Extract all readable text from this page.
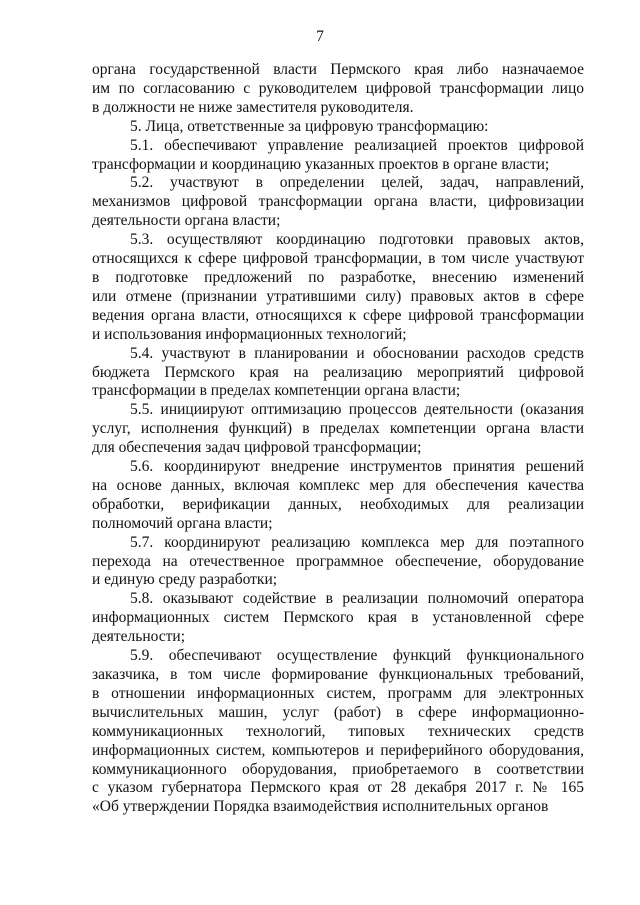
7
органа государственной власти Пермского края либо назначаемое
им по согласованию с руководителем цифровой трансформации лицо
в должности не ниже заместителя руководителя.
5. Лица, ответственные за цифровую трансформацию:
5.1. обеспечивают управление реализацией проектов цифровой
трансформации и координацию указанных проектов в органе власти;
5.2. участвуют в определении целей, задач, направлений,
механизмов цифровой трансформации органа власти, цифровизации
деятельности органа власти;
5.3. осуществляют координацию подготовки правовых актов,
относящихся к сфере цифровой трансформации, в том числе участвуют
в подготовке предложений по разработке, внесению изменений
или отмене (признании утратившими силу) правовых актов в сфере
ведения органа власти, относящихся к сфере цифровой трансформации
и использования информационных технологий;
5.4. участвуют в планировании и обосновании расходов средств
бюджета Пермского края на реализацию мероприятий цифровой
трансформации в пределах компетенции органа власти;
5.5. инициируют оптимизацию процессов деятельности (оказания
услуг, исполнения функций) в пределах компетенции органа власти
для обеспечения задач цифровой трансформации;
5.6. координируют внедрение инструментов принятия решений
на основе данных, включая комплекс мер для обеспечения качества
обработки, верификации данных, необходимых для реализации
полномочий органа власти;
5.7. координируют реализацию комплекса мер для поэтапного
перехода на отечественное программное обеспечение, оборудование
и единую среду разработки;
5.8. оказывают содействие в реализации полномочий оператора
информационных систем Пермского края в установленной сфере
деятельности;
5.9. обеспечивают осуществление функций функционального
заказчика, в том числе формирование функциональных требований,
в отношении информационных систем, программ для электронных
вычислительных машин, услуг (работ) в сфере информационно-
коммуникационных технологий, типовых технических средств
информационных систем, компьютеров и периферийного оборудования,
коммуникационного оборудования, приобретаемого в соответствии
с указом губернатора Пермского края от 28 декабря 2017 г. № 165
«Об утверждении Порядка взаимодействия исполнительных органов
